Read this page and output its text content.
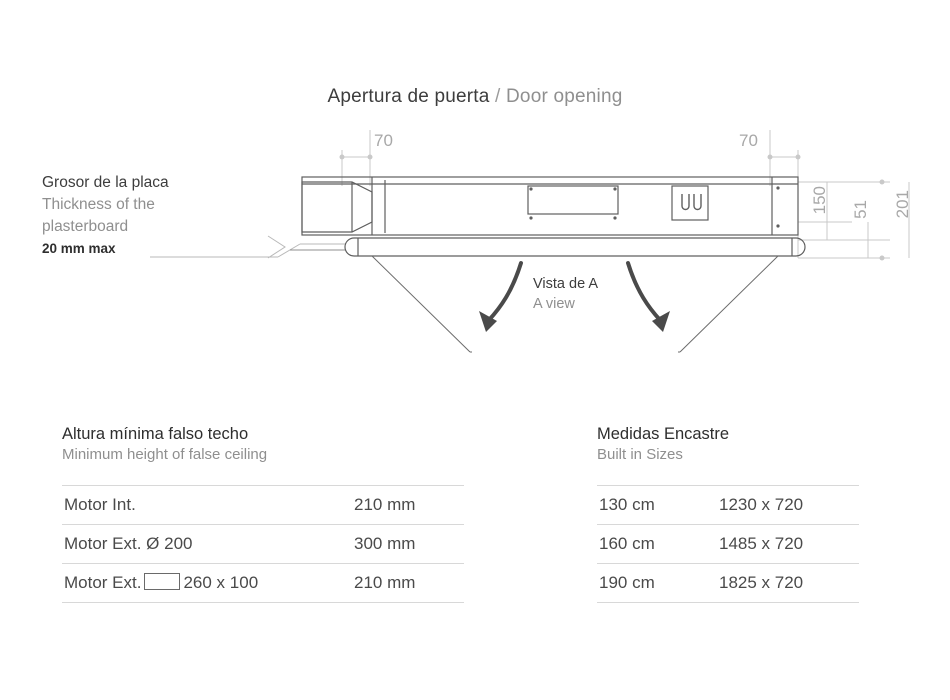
Apertura de puerta / Door opening
Grosor de la placa
Thickness of the
plasterboard
20 mm max
Vista de A
A view
70	70
150 51 201
Altura mínima falso techo
Minimum height of false ceiling
Motor Int.	210 mm
Motor Ext. Ø 200	300 mm
Motor Ext. 260 x 100	210 mm
Medidas Encastre
Built in Sizes
130 cm	1230 x 720
160 cm	1485 x 720
190 cm	1825 x 720
